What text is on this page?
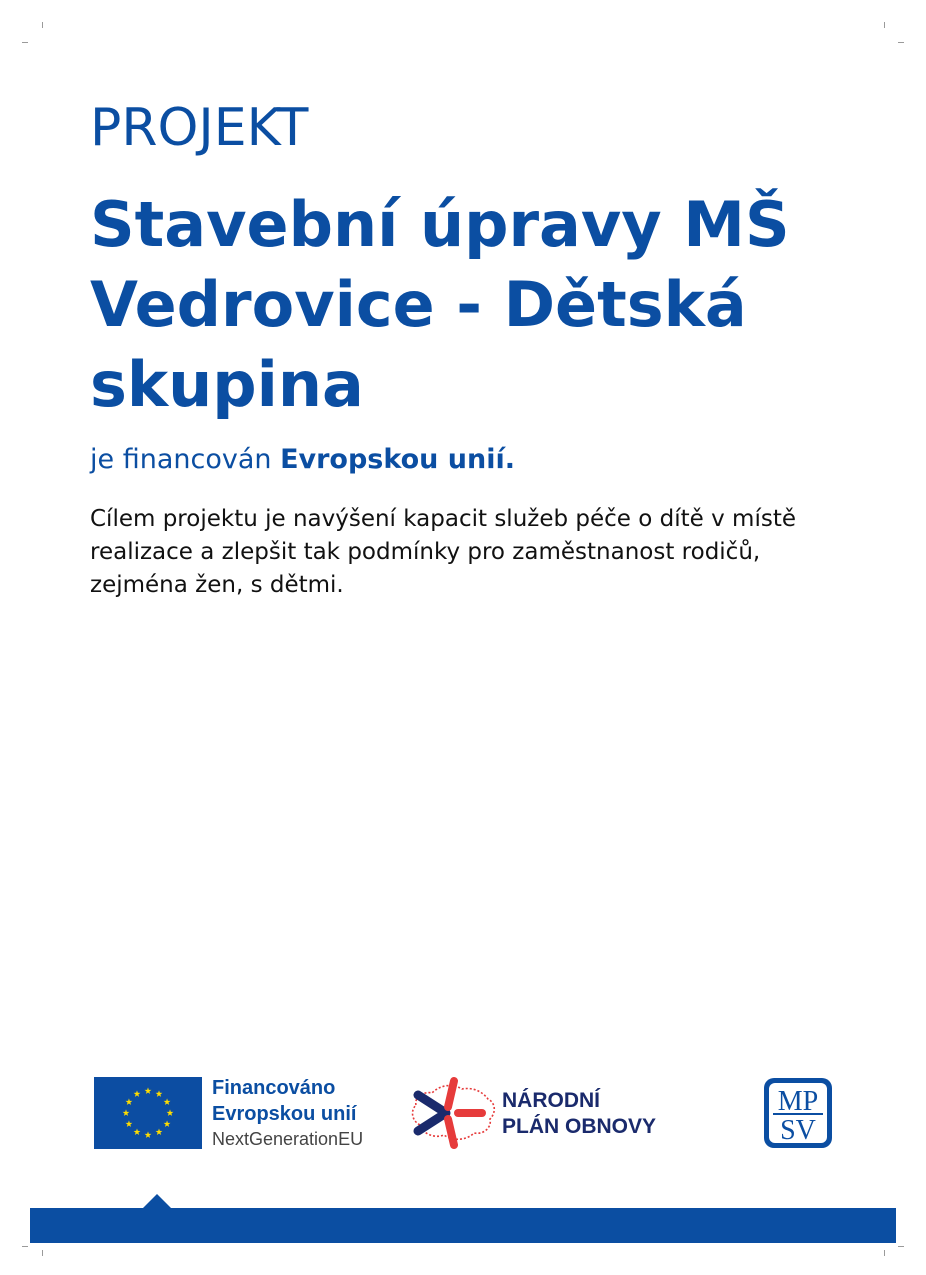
PROJEKT
Stavební úpravy MŠ Vedrovice - Dětská skupina
je financován Evropskou unií.

Cílem projektu je navýšení kapacit služeb péče o dítě v místě realizace a zlepšit tak podmínky pro zaměstnanost rodičů, zejména žen, s dětmi.

Financováno
Evropskou unií
NextGenerationEU
NÁRODNÍ
PLÁN OBNOVY
MP
SV
